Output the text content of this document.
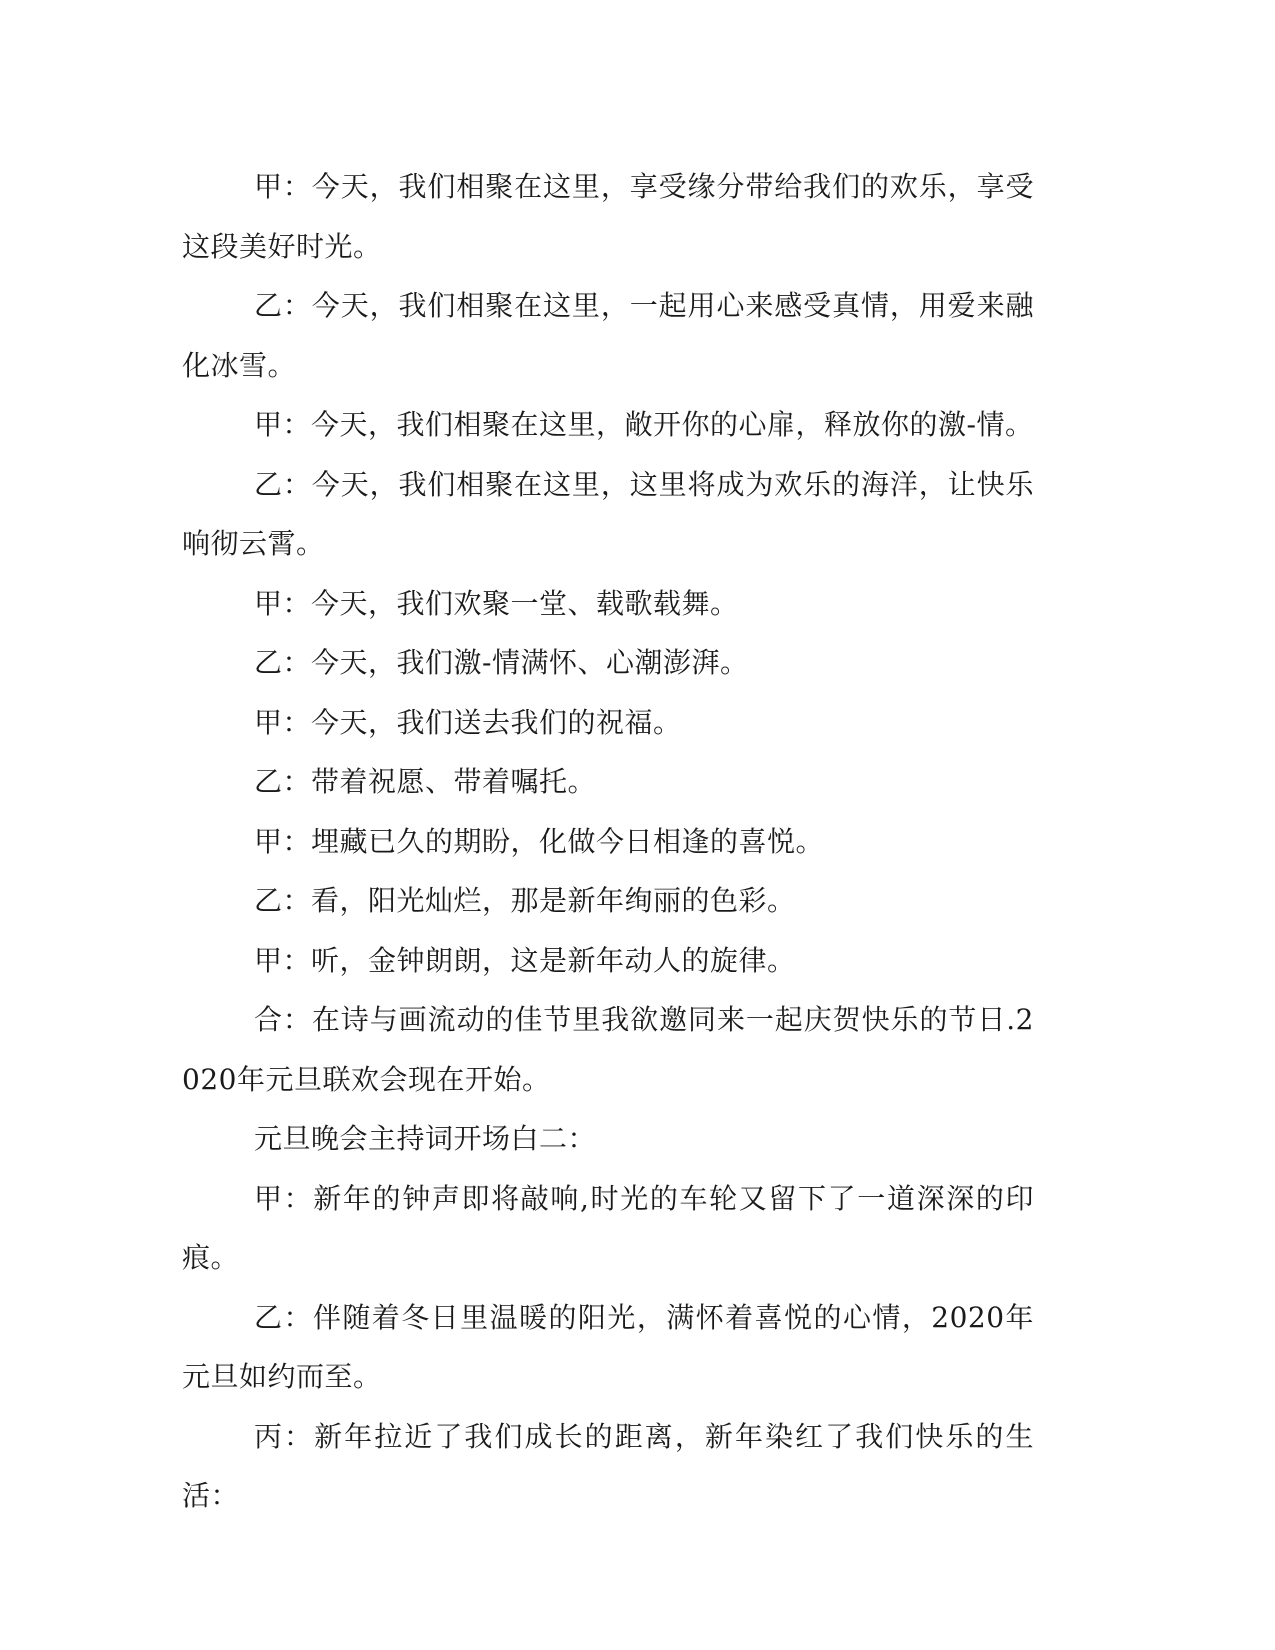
甲：今天，我们相聚在这里，享受缘分带给我们的欢乐，享受这段美好时光。

乙：今天，我们相聚在这里，一起用心来感受真情，用爱来融化冰雪。

甲：今天，我们相聚在这里，敞开你的心扉，释放你的激-情。

乙：今天，我们相聚在这里，这里将成为欢乐的海洋，让快乐响彻云霄。

甲：今天，我们欢聚一堂、载歌载舞。

乙：今天，我们激-情满怀、心潮澎湃。

甲：今天，我们送去我们的祝福。

乙：带着祝愿、带着嘱托。

甲：埋藏已久的期盼，化做今日相逢的喜悦。

乙：看，阳光灿烂，那是新年绚丽的色彩。

甲：听，金钟朗朗，这是新年动人的旋律。

合：在诗与画流动的佳节里我欲邀同来一起庆贺快乐的节日.2020年元旦联欢会现在开始。

元旦晚会主持词开场白二：

甲：新年的钟声即将敲响,时光的车轮又留下了一道深深的印痕。

乙：伴随着冬日里温暖的阳光，满怀着喜悦的心情，2020年元旦如约而至。

丙：新年拉近了我们成长的距离，新年染红了我们快乐的生活：
